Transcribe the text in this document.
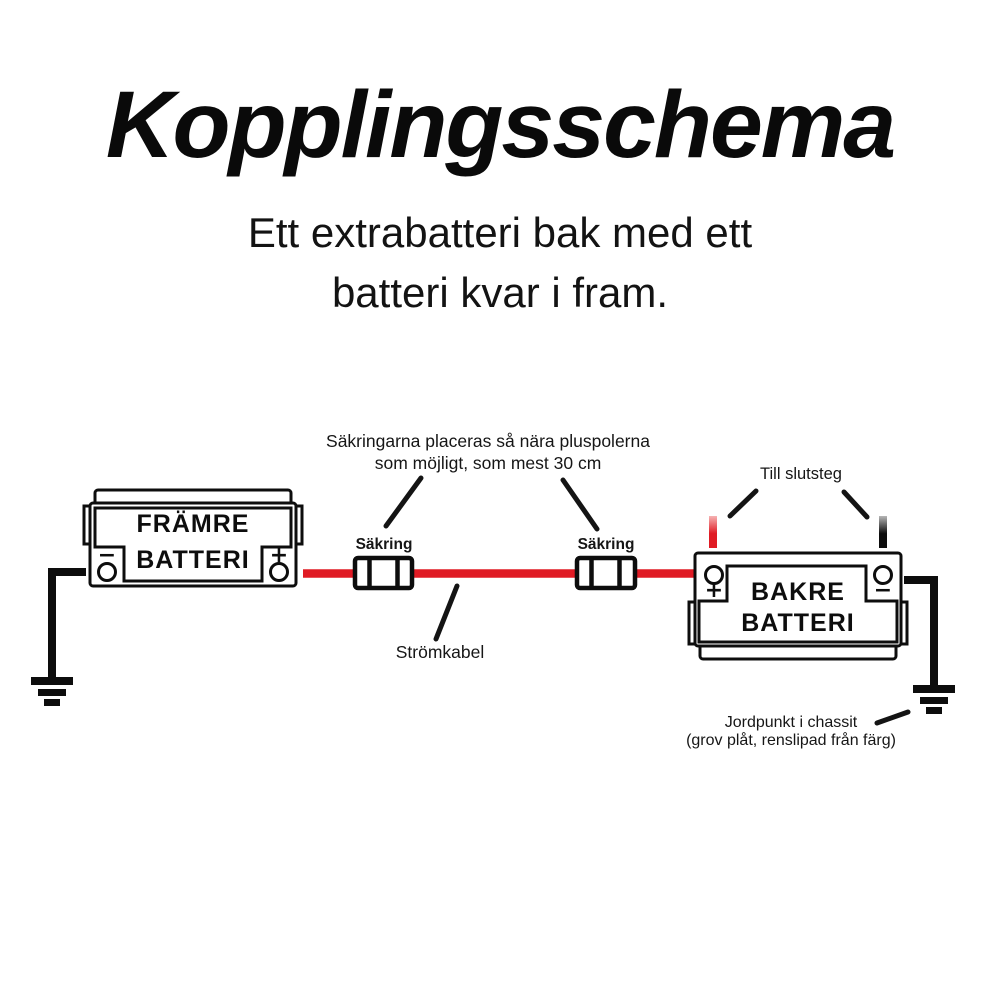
Kopplingsschema
Ett extrabatteri bak med ett
batteri kvar i fram.
−	+
FRÄMRE
BATTERI
+	−
BAKRE
BATTERI
Säkringarna placeras så nära pluspolerna
som möjligt, som mest 30 cm
Säkring	Säkring
Strömkabel
Till slutsteg
Jordpunkt i chassit
(grov plåt, renslipad från färg)
